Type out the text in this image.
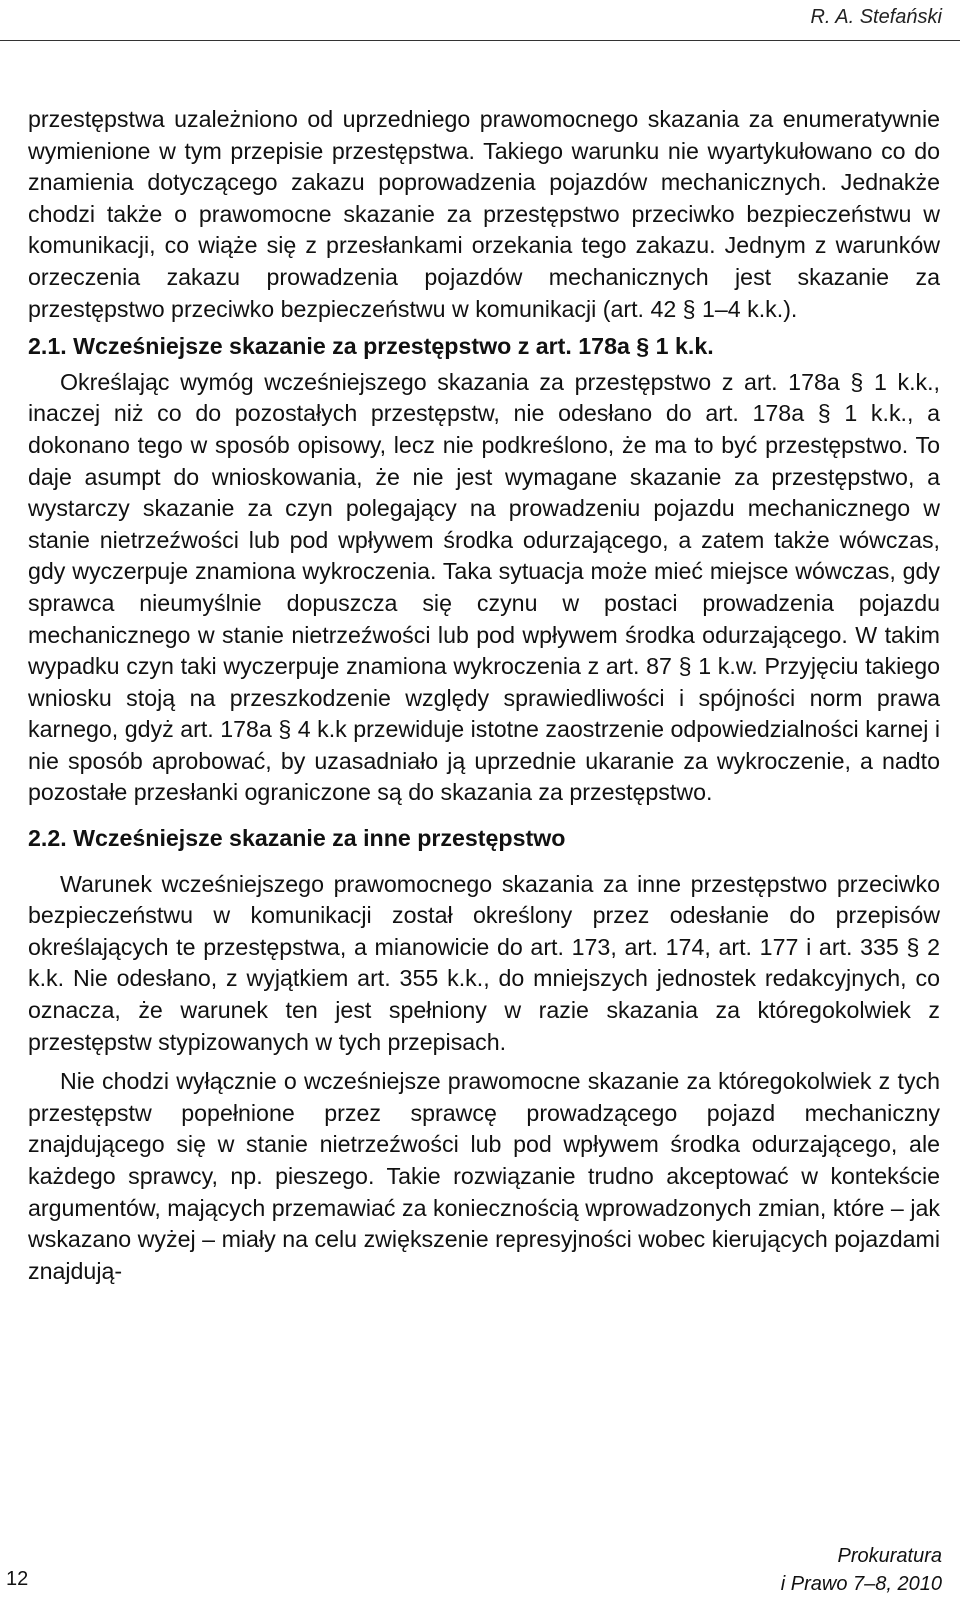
R. A. Stefański

przestępstwa uzależniono od uprzedniego prawomocnego skazania za enumeratywnie wymienione w tym przepisie przestępstwa. Takiego warunku nie wyartykułowano co do znamienia dotyczącego zakazu poprowadzenia pojazdów mechanicznych. Jednakże chodzi także o prawomocne skazanie za przestępstwo przeciwko bezpieczeństwu w komunikacji, co wiąże się z przesłankami orzekania tego zakazu. Jednym z warunków orzeczenia zakazu prowadzenia pojazdów mechanicznych jest skazanie za przestępstwo przeciwko bezpieczeństwu w komunikacji (art. 42 § 1–4 k.k.).

2.1. Wcześniejsze skazanie za przestępstwo z art. 178a § 1 k.k.

Określając wymóg wcześniejszego skazania za przestępstwo z art. 178a § 1 k.k., inaczej niż co do pozostałych przestępstw, nie odesłano do art. 178a § 1 k.k., a dokonano tego w sposób opisowy, lecz nie podkreślono, że ma to być przestępstwo. To daje asumpt do wnioskowania, że nie jest wymagane skazanie za przestępstwo, a wystarczy skazanie za czyn polegający na prowadzeniu pojazdu mechanicznego w stanie nietrzeźwości lub pod wpływem środka odurzającego, a zatem także wówczas, gdy wyczerpuje znamiona wykroczenia. Taka sytuacja może mieć miejsce wówczas, gdy sprawca nieumyślnie dopuszcza się czynu w postaci prowadzenia pojazdu mechanicznego w stanie nietrzeźwości lub pod wpływem środka odurzającego. W takim wypadku czyn taki wyczerpuje znamiona wykroczenia z art. 87 § 1 k.w. Przyjęciu takiego wniosku stoją na przeszkodzenie względy sprawiedliwości i spójności norm prawa karnego, gdyż art. 178a § 4 k.k przewiduje istotne zaostrzenie odpowiedzialności karnej i nie sposób aprobować, by uzasadniało ją uprzednie ukaranie za wykroczenie, a nadto pozostałe przesłanki ograniczone są do skazania za przestępstwo.

2.2. Wcześniejsze skazanie za inne przestępstwo

Warunek wcześniejszego prawomocnego skazania za inne przestępstwo przeciwko bezpieczeństwu w komunikacji został określony przez odesłanie do przepisów określających te przestępstwa, a mianowicie do art. 173, art. 174, art. 177 i art. 335 § 2 k.k. Nie odesłano, z wyjątkiem art. 355 k.k., do mniejszych jednostek redakcyjnych, co oznacza, że warunek ten jest spełniony w razie skazania za któregokolwiek z przestępstw stypizowanych w tych przepisach.

Nie chodzi wyłącznie o wcześniejsze prawomocne skazanie za któregokolwiek z tych przestępstw popełnione przez sprawcę prowadzącego pojazd mechaniczny znajdującego się w stanie nietrzeźwości lub pod wpływem środka odurzającego, ale każdego sprawcy, np. pieszego. Takie rozwiązanie trudno akceptować w kontekście argumentów, mających przemawiać za koniecznością wprowadzonych zmian, które – jak wskazano wyżej – miały na celu zwiększenie represyjności wobec kierujących pojazdami znajdują-

12
Prokuratura
i Prawo 7–8, 2010
